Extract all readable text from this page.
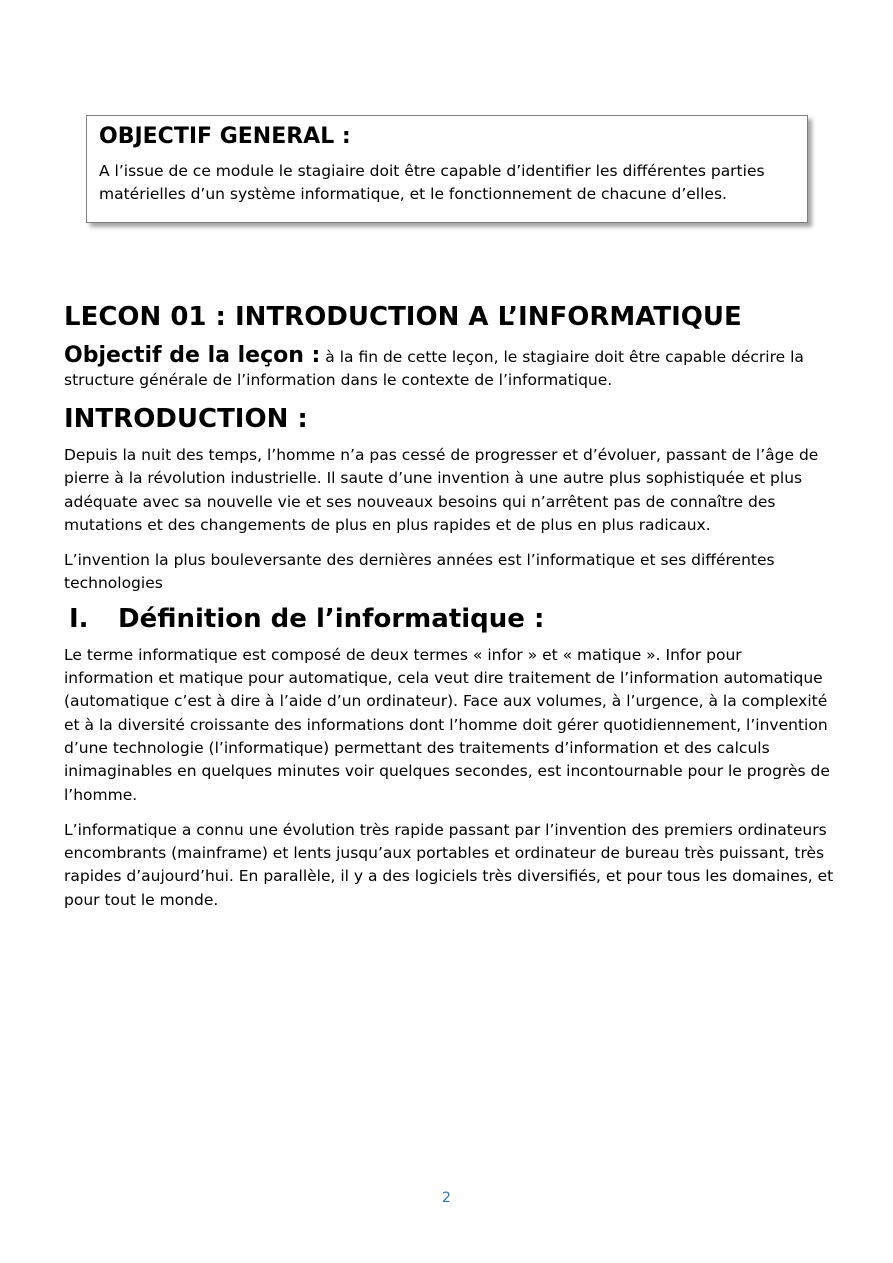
OBJECTIF GENERAL :

A l’issue de ce module le stagiaire doit être capable d’identifier les différentes parties matérielles d’un système informatique, et le fonctionnement de chacune d’elles.

LECON 01 : INTRODUCTION A L’INFORMATIQUE

Objectif de la leçon : à la fin de cette leçon, le stagiaire doit être capable décrire la structure générale de l’information dans le contexte de l’informatique.

INTRODUCTION :

Depuis la nuit des temps, l’homme n’a pas cessé de progresser et d’évoluer, passant de l’âge de pierre à la révolution industrielle. Il saute d’une invention à une autre plus sophistiquée et plus adéquate avec sa nouvelle vie et ses nouveaux besoins qui n’arrêtent pas de connaître des mutations et des changements de plus en plus rapides et de plus en plus radicaux.

L’invention la plus bouleversante des dernières années est l’informatique et ses différentes technologies

I. Définition de l’informatique :

Le terme informatique est composé de deux termes « infor » et « matique ». Infor pour information et matique pour automatique, cela veut dire traitement de l’information automatique (automatique c’est à dire à l’aide d’un ordinateur). Face aux volumes, à l’urgence, à la complexité et à la diversité croissante des informations dont l’homme doit gérer quotidiennement, l’invention d’une technologie (l’informatique) permettant des traitements d’information et des calculs inimaginables en quelques minutes voir quelques secondes, est incontournable pour le progrès de l’homme.

L’informatique a connu une évolution très rapide passant par l’invention des premiers ordinateurs encombrants (mainframe) et lents jusqu’aux portables et ordinateur de bureau très puissant, très rapides d’aujourd’hui. En parallèle, il y a des logiciels très diversifiés, et pour tous les domaines, et pour tout le monde.

2
